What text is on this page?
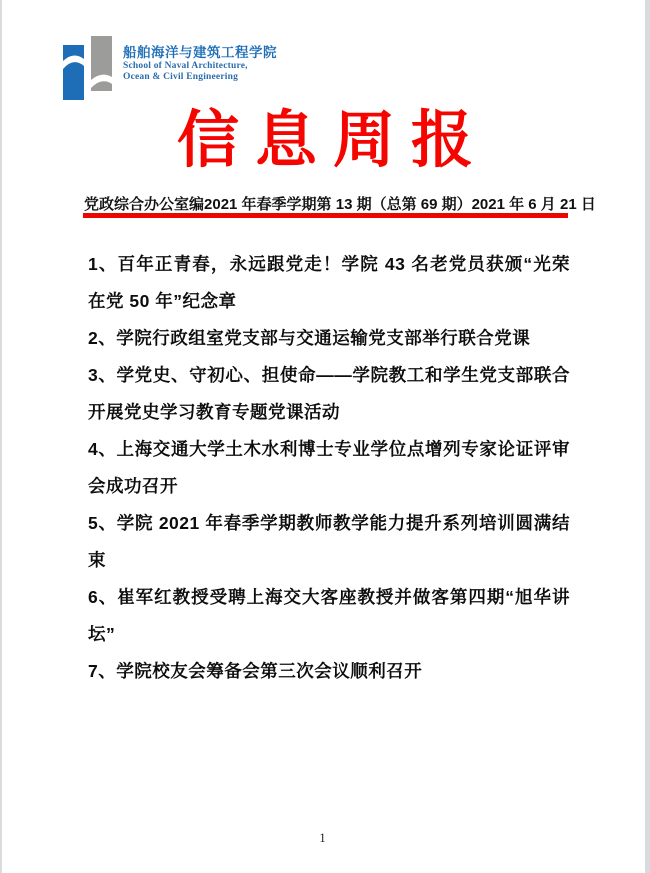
船舶海洋与建筑工程学院
School of Naval Architecture,
Ocean & Civil Engineering
信息周报
党政综合办公室编 2021 年春季学期第 13 期（总第 69 期） 2021 年 6 月 21 日

1、百年正青春，永远跟党走！学院 43 名老党员获颁“光荣在党 50 年”纪念章

2、学院行政组室党支部与交通运输党支部举行联合党课

3、学党史、守初心、担使命——学院教工和学生党支部联合开展党史学习教育专题党课活动

4、上海交通大学土木水利博士专业学位点增列专家论证评审会成功召开

5、学院 2021 年春季学期教师教学能力提升系列培训圆满结束

6、崔军红教授受聘上海交大客座教授并做客第四期“旭华讲坛”

7、学院校友会筹备会第三次会议顺利召开

1
